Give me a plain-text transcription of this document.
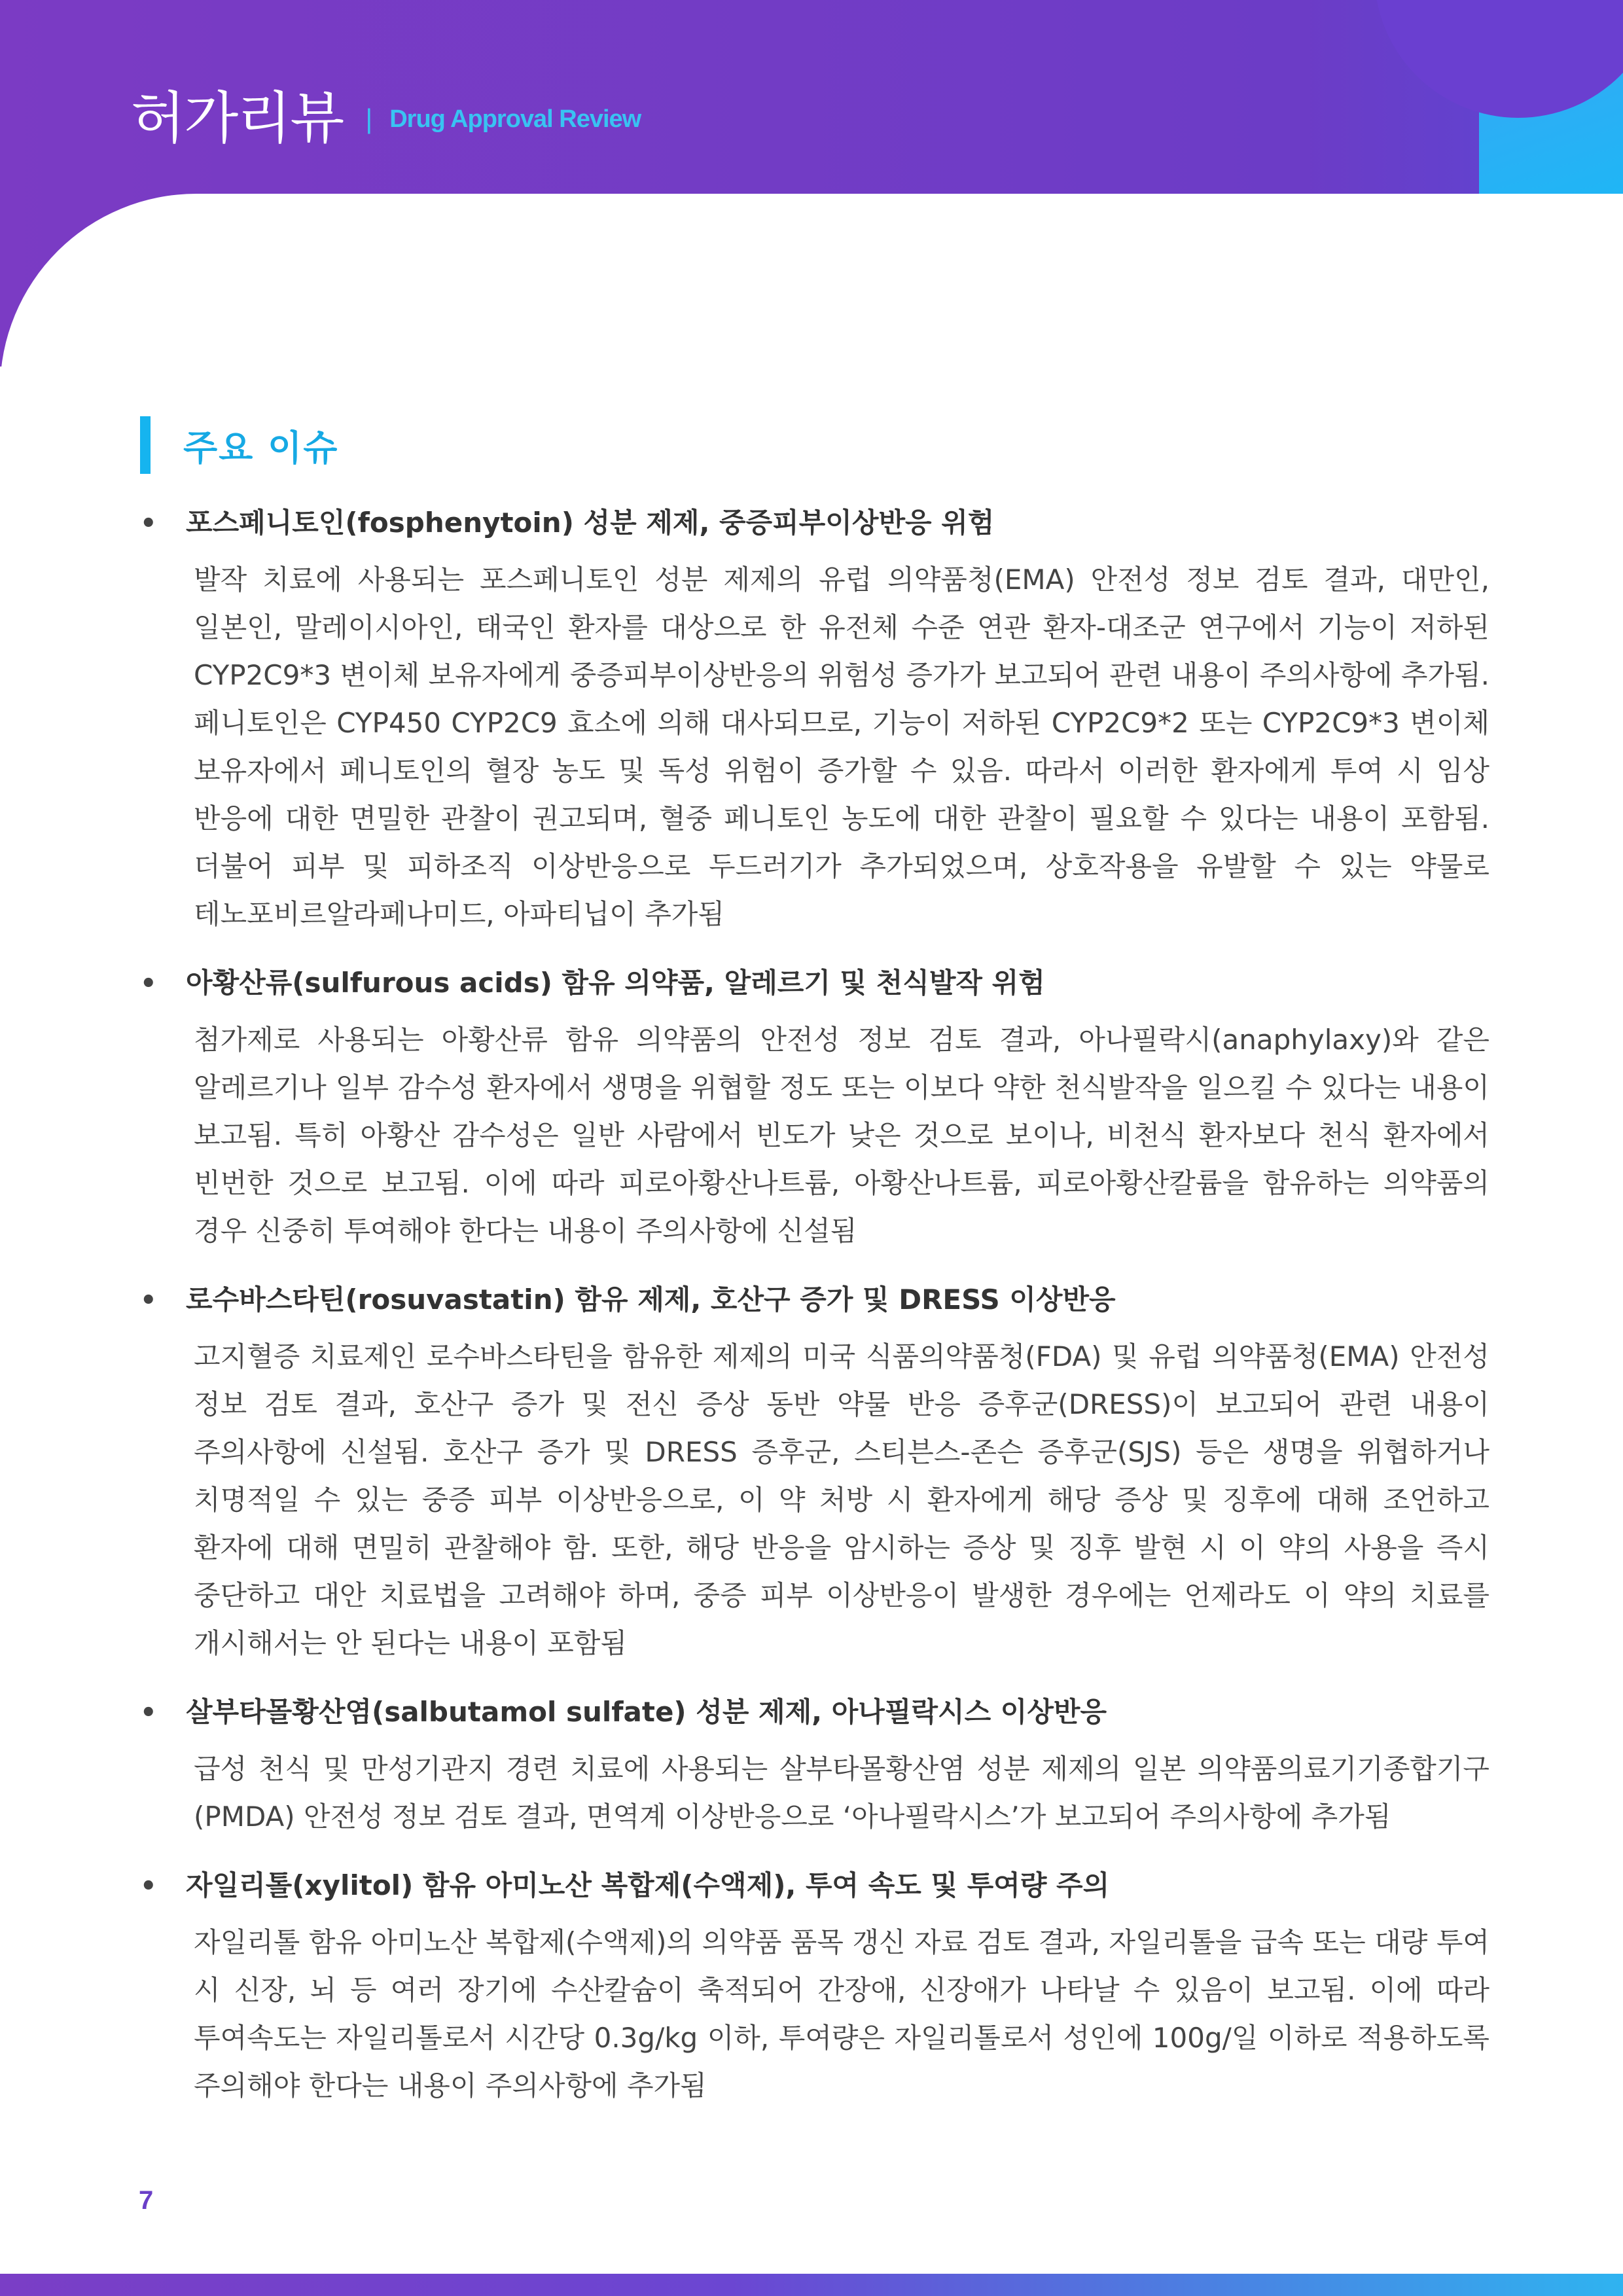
허가리뷰 | Drug Approval Review
주요 이슈
•	포스페니토인(fosphenytoin) 성분 제제, 중증피부이상반응 위험
발작 치료에 사용되는 포스페니토인 성분 제제의 유럽 의약품청(EMA) 안전성 정보 검토 결과, 대만인, 일본인, 말레이시아인, 태국인 환자를 대상으로 한 유전체 수준 연관 환자-대조군 연구에서 기능이 저하된 CYP2C9*3 변이체 보유자에게 중증피부이상반응의 위험성 증가가 보고되어 관련 내용이 주의사항에 추가됨. 페니토인은 CYP450 CYP2C9 효소에 의해 대사되므로, 기능이 저하된 CYP2C9*2 또는 CYP2C9*3 변이체 보유자에서 페니토인의 혈장 농도 및 독성 위험이 증가할 수 있음. 따라서 이러한 환자에게 투여 시 임상 반응에 대한 면밀한 관찰이 권고되며, 혈중 페니토인 농도에 대한 관찰이 필요할 수 있다는 내용이 포함됨. 더불어 피부 및 피하조직 이상반응으로 두드러기가 추가되었으며, 상호작용을 유발할 수 있는 약물로 테노포비르알라페나미드, 아파티닙이 추가됨
•	아황산류(sulfurous acids) 함유 의약품, 알레르기 및 천식발작 위험
첨가제로 사용되는 아황산류 함유 의약품의 안전성 정보 검토 결과, 아나필락시(anaphylaxy)와 같은 알레르기나 일부 감수성 환자에서 생명을 위협할 정도 또는 이보다 약한 천식발작을 일으킬 수 있다는 내용이 보고됨. 특히 아황산 감수성은 일반 사람에서 빈도가 낮은 것으로 보이나, 비천식 환자보다 천식 환자에서 빈번한 것으로 보고됨. 이에 따라 피로아황산나트륨, 아황산나트륨, 피로아황산칼륨을 함유하는 의약품의 경우 신중히 투여해야 한다는 내용이 주의사항에 신설됨
•	로수바스타틴(rosuvastatin) 함유 제제, 호산구 증가 및 DRESS 이상반응
고지혈증 치료제인 로수바스타틴을 함유한 제제의 미국 식품의약품청(FDA) 및 유럽 의약품청(EMA) 안전성 정보 검토 결과, 호산구 증가 및 전신 증상 동반 약물 반응 증후군(DRESS)이 보고되어 관련 내용이 주의사항에 신설됨. 호산구 증가 및 DRESS 증후군, 스티븐스-존슨 증후군(SJS) 등은 생명을 위협하거나 치명적일 수 있는 중증 피부 이상반응으로, 이 약 처방 시 환자에게 해당 증상 및 징후에 대해 조언하고 환자에 대해 면밀히 관찰해야 함. 또한, 해당 반응을 암시하는 증상 및 징후 발현 시 이 약의 사용을 즉시 중단하고 대안 치료법을 고려해야 하며, 중증 피부 이상반응이 발생한 경우에는 언제라도 이 약의 치료를 개시해서는 안 된다는 내용이 포함됨
•	살부타몰황산염(salbutamol sulfate) 성분 제제, 아나필락시스 이상반응
급성 천식 및 만성기관지 경련 치료에 사용되는 살부타몰황산염 성분 제제의 일본 의약품의료기기종합기구(PMDA) 안전성 정보 검토 결과, 면역계 이상반응으로 ‘아나필락시스’가 보고되어 주의사항에 추가됨
•	자일리톨(xylitol) 함유 아미노산 복합제(수액제), 투여 속도 및 투여량 주의
자일리톨 함유 아미노산 복합제(수액제)의 의약품 품목 갱신 자료 검토 결과, 자일리톨을 급속 또는 대량 투여 시 신장, 뇌 등 여러 장기에 수산칼슘이 축적되어 간장애, 신장애가 나타날 수 있음이 보고됨. 이에 따라 투여속도는 자일리톨로서 시간당 0.3g/kg 이하, 투여량은 자일리톨로서 성인에 100g/일 이하로 적용하도록 주의해야 한다는 내용이 주의사항에 추가됨
7
